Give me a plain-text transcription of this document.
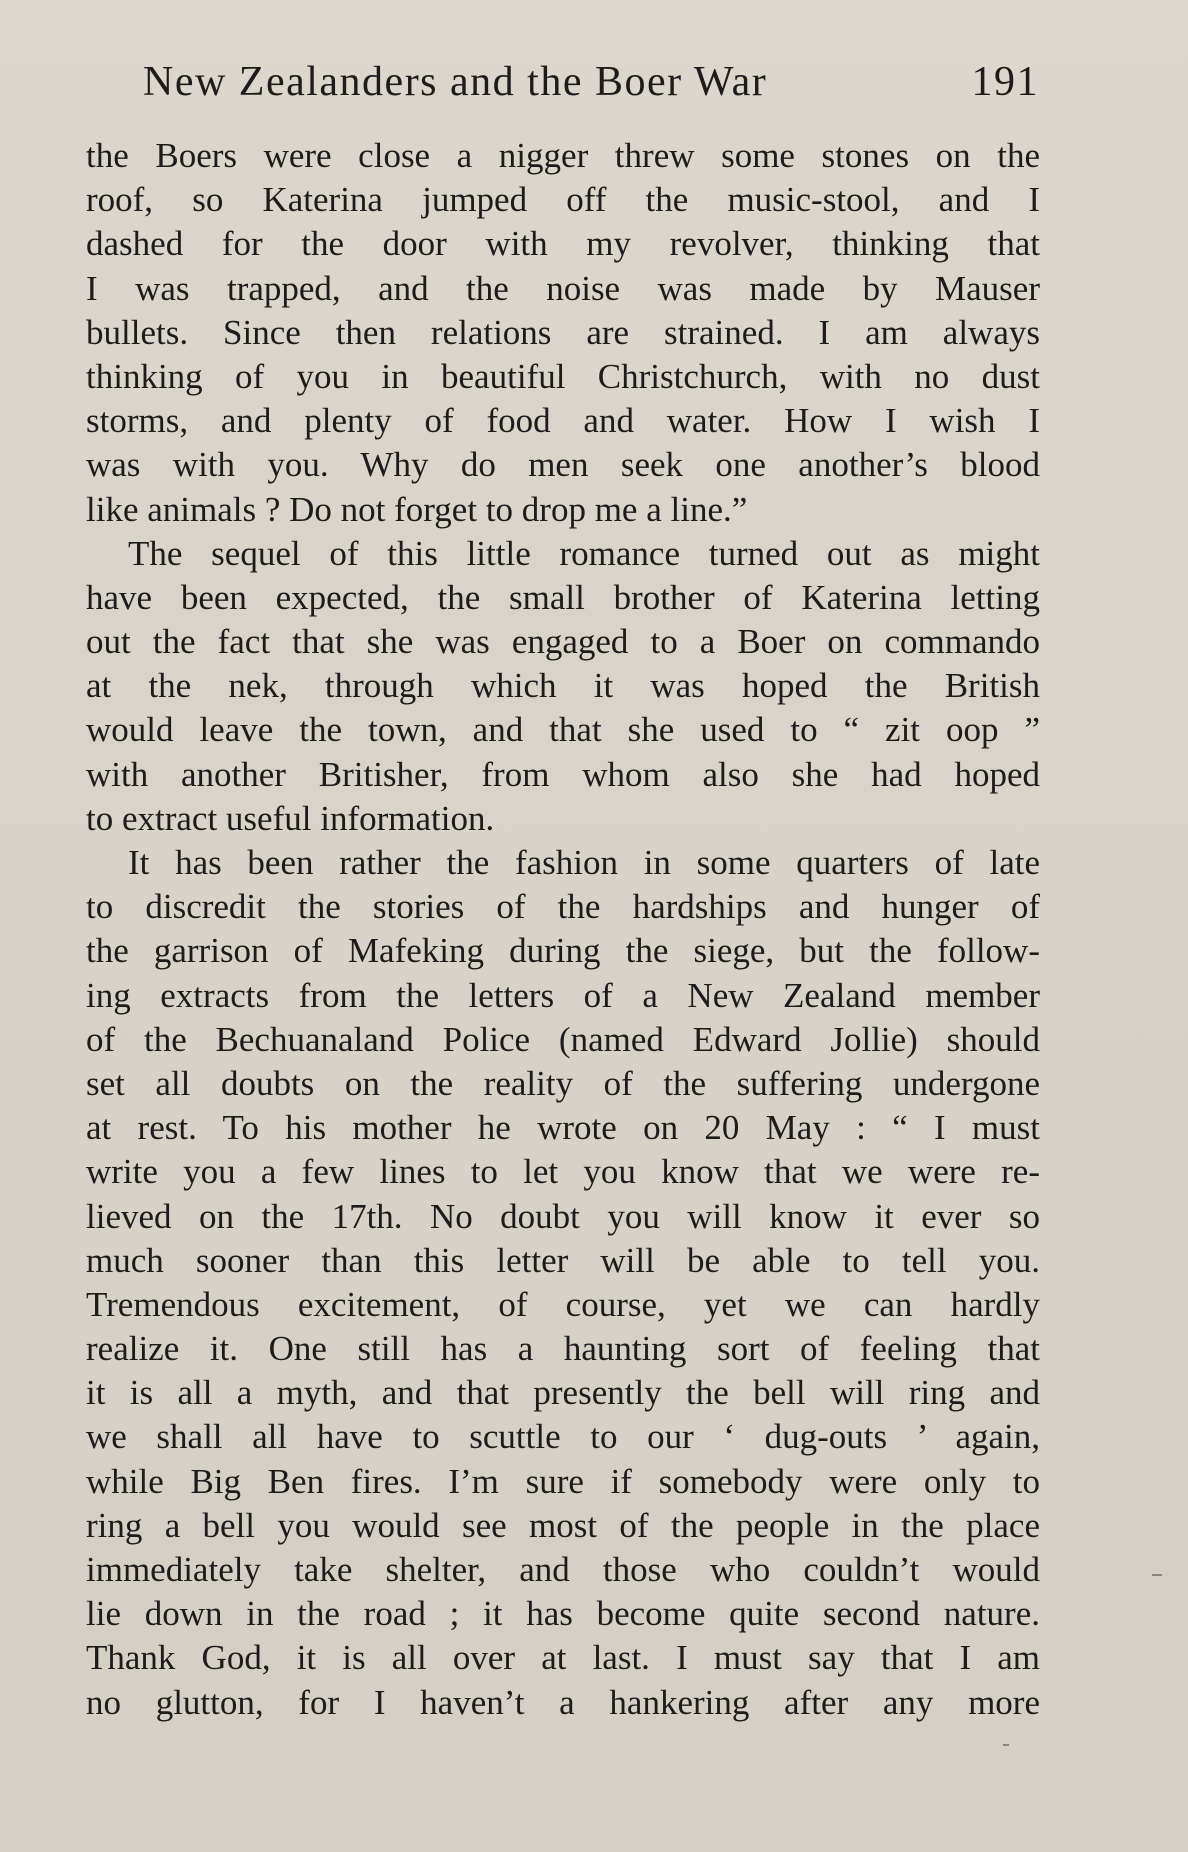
New Zealanders and the Boer War	191
the Boers were close a nigger threw some stones on the
roof, so Katerina jumped off the music-stool, and I
dashed for the door with my revolver, thinking that
I was trapped, and the noise was made by Mauser
bullets. Since then relations are strained. I am always
thinking of you in beautiful Christchurch, with no dust
storms, and plenty of food and water. How I wish I
was with you. Why do men seek one another’s blood
like animals ? Do not forget to drop me a line.”
The sequel of this little romance turned out as might
have been expected, the small brother of Katerina letting
out the fact that she was engaged to a Boer on commando
at the nek, through which it was hoped the British
would leave the town, and that she used to “ zit oop ”
with another Britisher, from whom also she had hoped
to extract useful information.
It has been rather the fashion in some quarters of late
to discredit the stories of the hardships and hunger of
the garrison of Mafeking during the siege, but the follow-
ing extracts from the letters of a New Zealand member
of the Bechuanaland Police (named Edward Jollie) should
set all doubts on the reality of the suffering undergone
at rest. To his mother he wrote on 20 May : “ I must
write you a few lines to let you know that we were re-
lieved on the 17th. No doubt you will know it ever so
much sooner than this letter will be able to tell you.
Tremendous excitement, of course, yet we can hardly
realize it. One still has a haunting sort of feeling that
it is all a myth, and that presently the bell will ring and
we shall all have to scuttle to our ‘ dug-outs ’ again,
while Big Ben fires. I’m sure if somebody were only to
ring a bell you would see most of the people in the place
immediately take shelter, and those who couldn’t would
lie down in the road ; it has become quite second nature.
Thank God, it is all over at last. I must say that I am
no glutton, for I haven’t a hankering after any more
